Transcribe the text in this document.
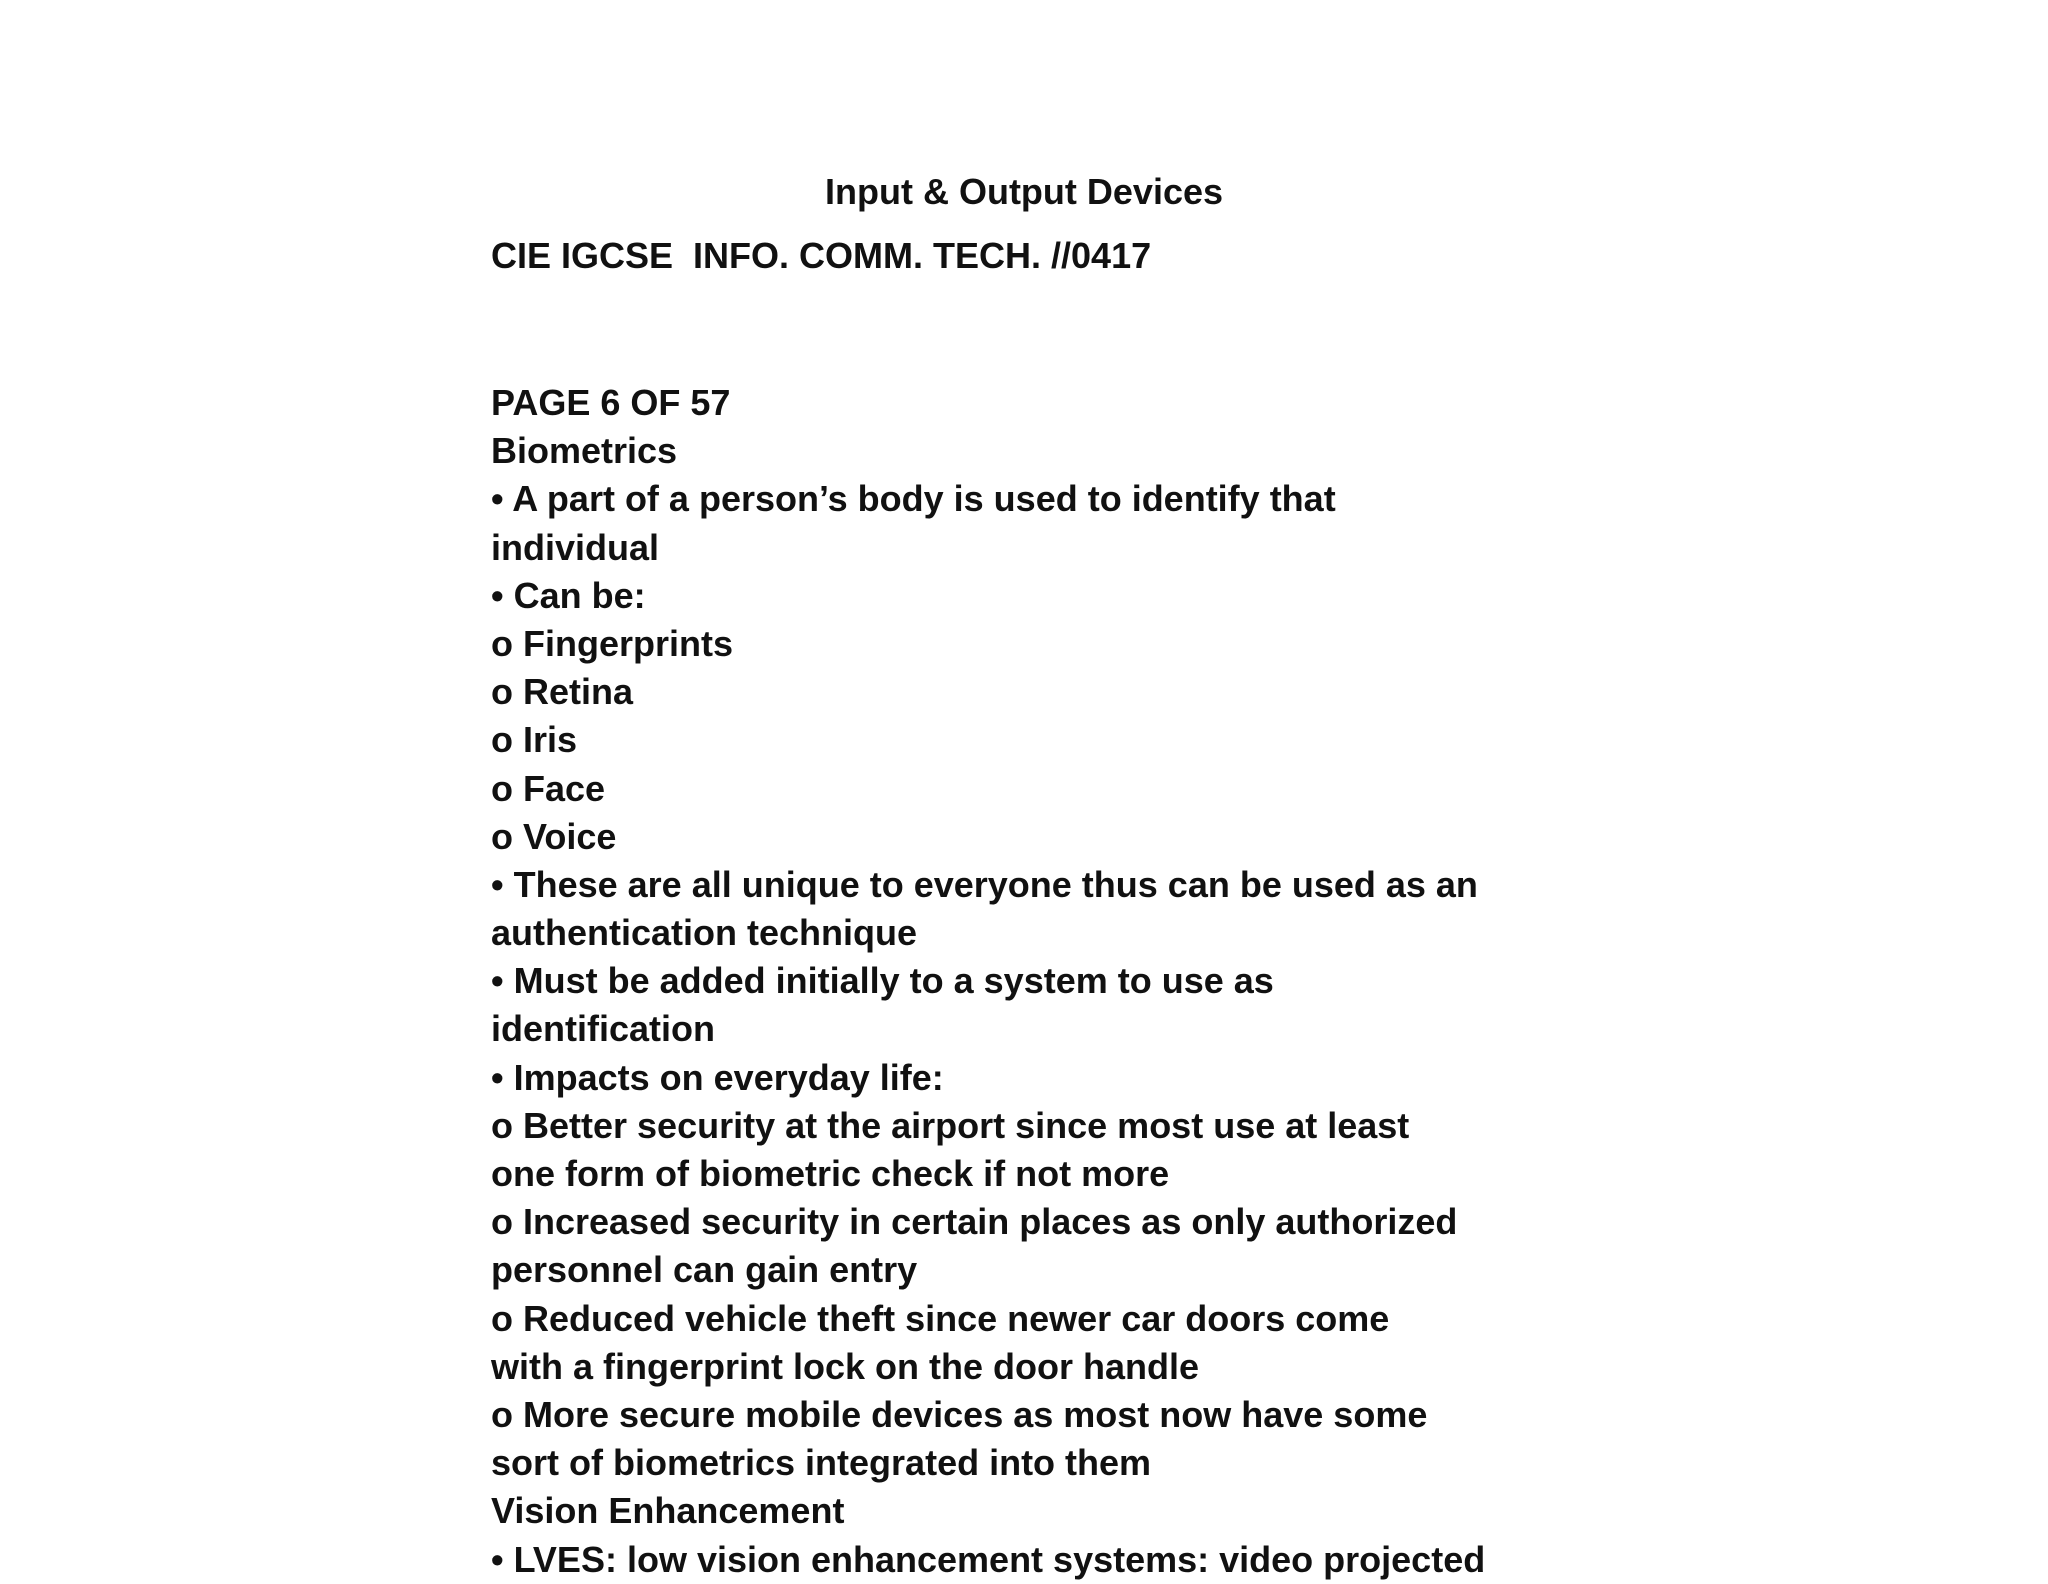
Input & Output Devices
CIE IGCSE  INFO. COMM. TECH. //0417
PAGE 6 OF 57
Biometrics
• A part of a person’s body is used to identify that
individual
• Can be:
o Fingerprints
o Retina
o Iris
o Face
o Voice
• These are all unique to everyone thus can be used as an
authentication technique
• Must be added initially to a system to use as
identification
• Impacts on everyday life:
o Better security at the airport since most use at least
one form of biometric check if not more
o Increased security in certain places as only authorized
personnel can gain entry
o Reduced vehicle theft since newer car doors come
with a fingerprint lock on the door handle
o More secure mobile devices as most now have some
sort of biometrics integrated into them
Vision Enhancement
• LVES: low vision enhancement systems: video projected
